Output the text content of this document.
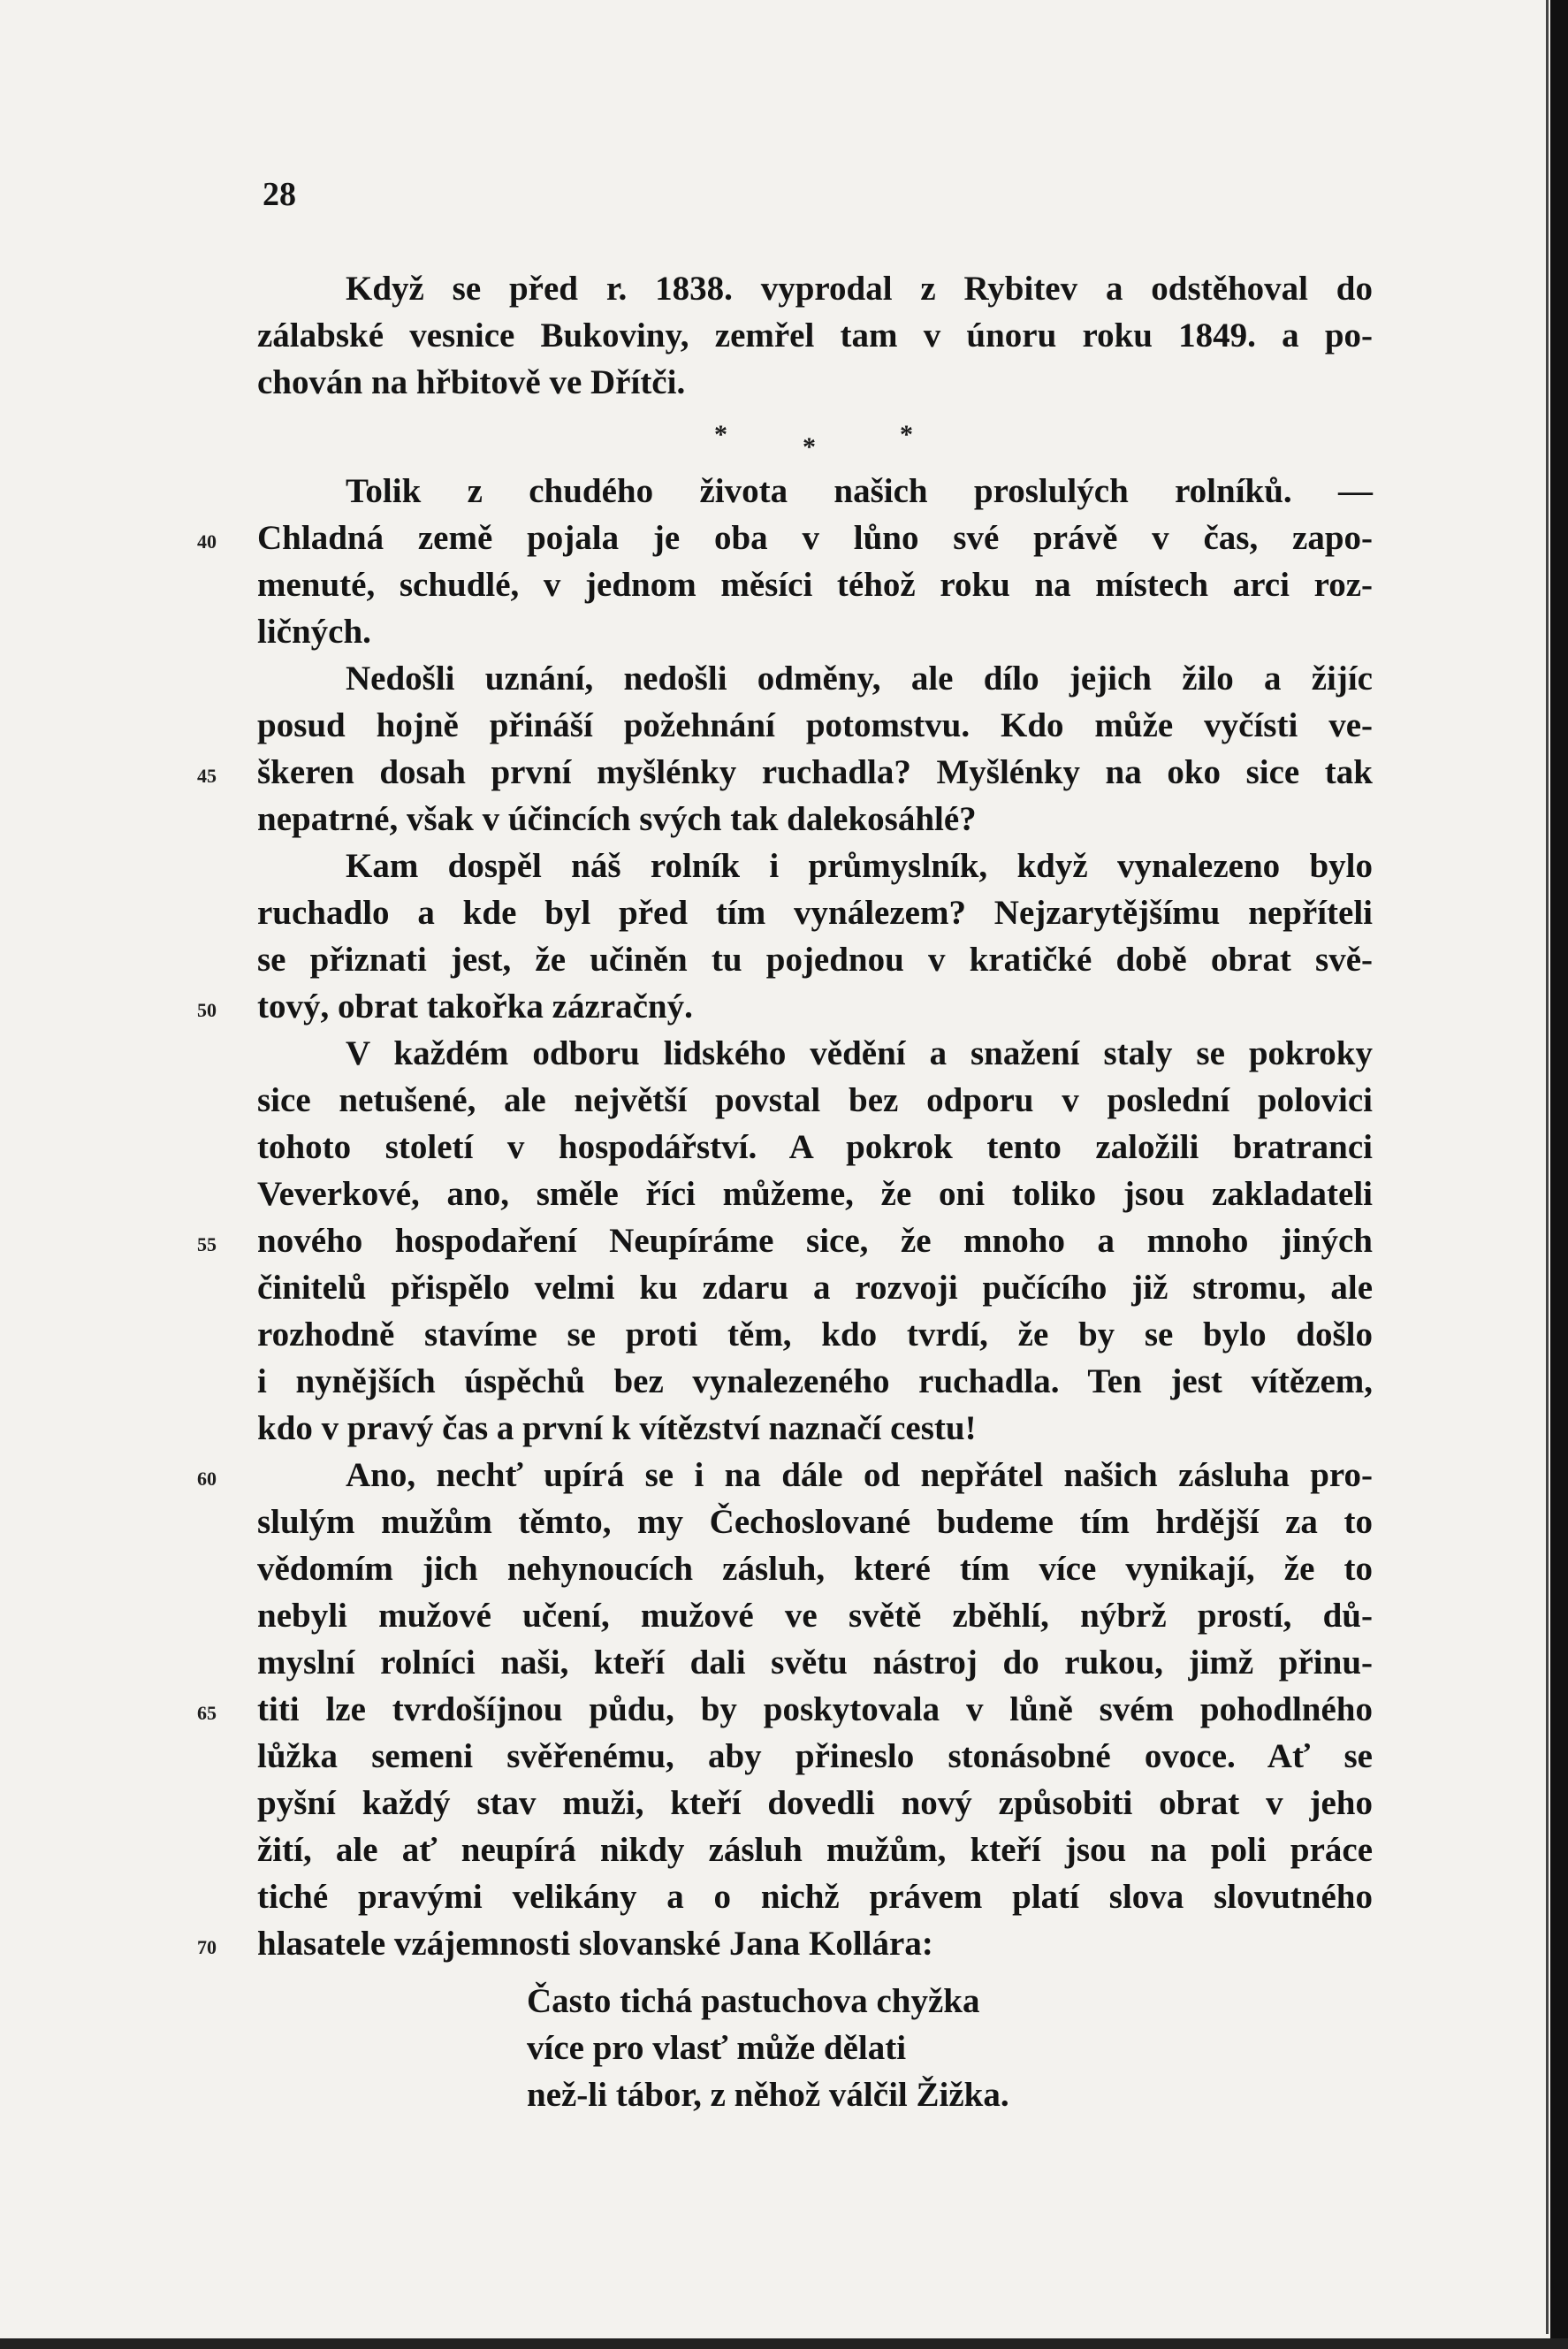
28
Když se před r. 1838. vyprodal z Rybitev a odstěhoval do
zálabské vesnice Bukoviny, zemřel tam v únoru roku 1849. a po-
chován na hřbitově ve Dřítči.
Tolik z chudého života našich proslulých rolníků. —
40 Chladná země pojala je oba v lůno své právě v čas, zapo-
menuté, schudlé, v jednom měsíci téhož roku na místech arci roz-
ličných.
Nedošli uznání, nedošli odměny, ale dílo jejich žilo a žijíc
posud hojně přináší požehnání potomstvu. Kdo může vyčísti ve-
45 škeren dosah první myšlénky ruchadla? Myšlénky na oko sice tak
nepatrné, však v účincích svých tak dalekosáhlé?
Kam dospěl náš rolník i průmyslník, když vynalezeno bylo
ruchadlo a kde byl před tím vynálezem? Nejzarytějšímu nepříteli
se přiznati jest, že učiněn tu pojednou v kratičké době obrat svě-
50 tový, obrat takořka zázračný.
V každém odboru lidského vědění a snažení staly se pokroky
sice netušené, ale největší povstal bez odporu v poslední polovici
tohoto století v hospodářství. A pokrok tento založili bratranci
Veverkové, ano, směle říci můžeme, že oni toliko jsou zakladateli
55 nového hospodaření Neupíráme sice, že mnoho a mnoho jiných
činitelů přispělo velmi ku zdaru a rozvoji pučícího již stromu, ale
rozhodně stavíme se proti těm, kdo tvrdí, že by se bylo došlo
i nynějších úspěchů bez vynalezeného ruchadla. Ten jest vítězem,
kdo v pravý čas a první k vítězství naznačí cestu!
60	Ano, nechť upírá se i na dále od nepřátel našich zásluha pro-
slulým mužům těmto, my Čechoslované budeme tím hrdější za to
vědomím jich nehynoucích zásluh, které tím více vynikají, že to
nebyli mužové učení, mužové ve světě zběhlí, nýbrž prostí, dů-
myslní rolníci naši, kteří dali světu nástroj do rukou, jimž přinu-
65 titi lze tvrdošíjnou půdu, by poskytovala v lůně svém pohodlného
lůžka semeni svěřenému, aby přineslo stonásobné ovoce. Ať se
pyšní každý stav muži, kteří dovedli nový způsobiti obrat v jeho
žití, ale ať neupírá nikdy zásluh mužům, kteří jsou na poli práce
tiché pravými velikány a o nichž právem platí slova slovutného
70 hlasatele vzájemnosti slovanské Jana Kollára:
*	*	*
Často tichá pastuchova chyžka
více pro vlasť může dělati
než-li tábor, z něhož válčil Žižka.
